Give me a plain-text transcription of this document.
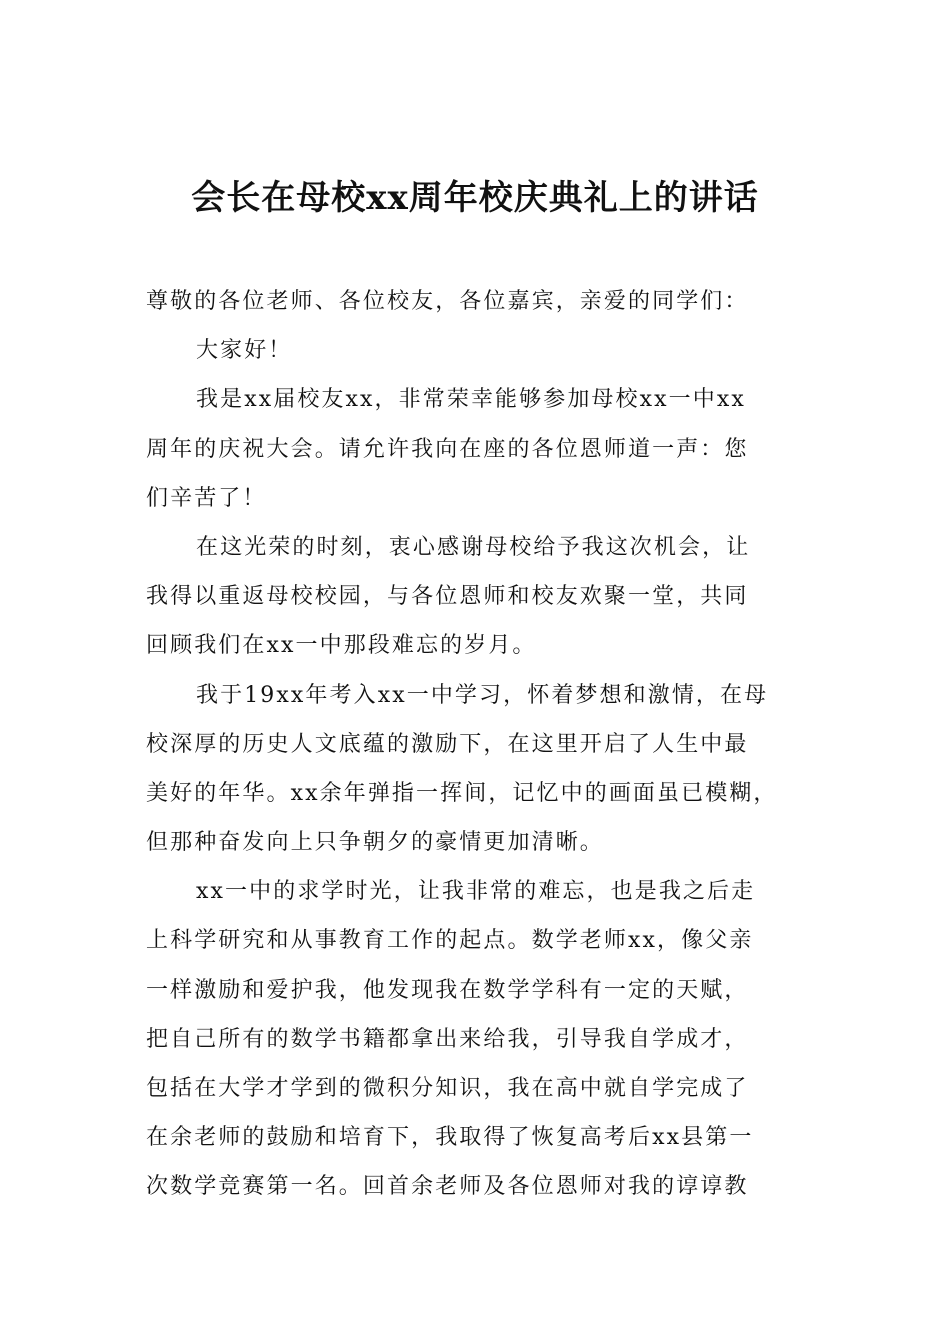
会长在母校xx周年校庆典礼上的讲话
尊敬的各位老师、各位校友，各位嘉宾，亲爱的同学们：
大家好！
我是xx届校友xx，非常荣幸能够参加母校xx一中xx
周年的庆祝大会。请允许我向在座的各位恩师道一声：您
们辛苦了！
在这光荣的时刻，衷心感谢母校给予我这次机会，让
我得以重返母校校园，与各位恩师和校友欢聚一堂，共同
回顾我们在xx一中那段难忘的岁月。
我于19xx年考入xx一中学习，怀着梦想和激情，在母
校深厚的历史人文底蕴的激励下，在这里开启了人生中最
美好的年华。xx余年弹指一挥间，记忆中的画面虽已模糊，
但那种奋发向上只争朝夕的豪情更加清晰。
xx一中的求学时光，让我非常的难忘，也是我之后走
上科学研究和从事教育工作的起点。数学老师xx，像父亲
一样激励和爱护我，他发现我在数学学科有一定的天赋，
把自己所有的数学书籍都拿出来给我，引导我自学成才，
包括在大学才学到的微积分知识，我在高中就自学完成了
在余老师的鼓励和培育下，我取得了恢复高考后xx县第一
次数学竞赛第一名。回首余老师及各位恩师对我的谆谆教
